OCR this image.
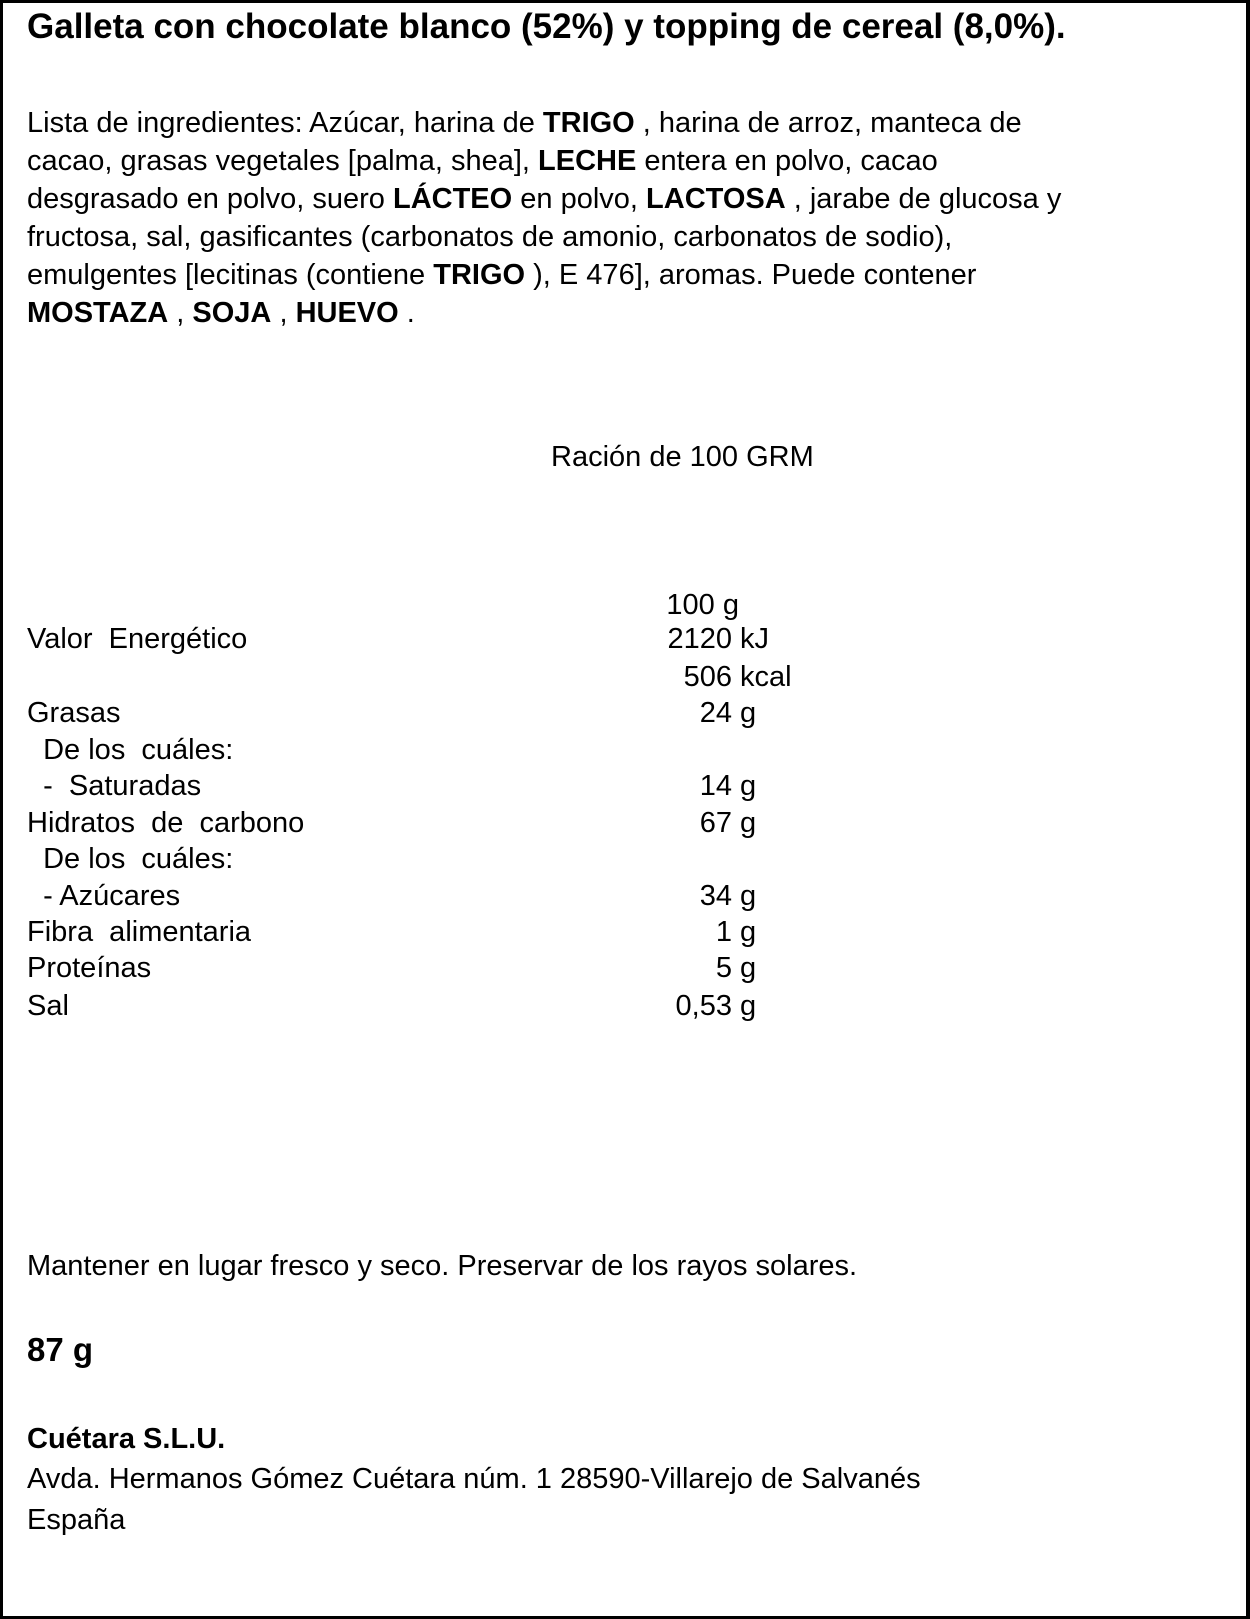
Galleta con chocolate blanco (52%) y topping de cereal (8,0%).
Lista de ingredientes: Azúcar, harina de TRIGO , harina de arroz, manteca de
cacao, grasas vegetales [palma, shea], LECHE entera en polvo, cacao
desgrasado en polvo, suero LÁCTEO en polvo, LACTOSA , jarabe de glucosa y
fructosa, sal, gasificantes (carbonatos de amonio, carbonatos de sodio),
emulgentes [lecitinas (contiene TRIGO ), E 476], aromas. Puede contener
MOSTAZA , SOJA , HUEVO .
Ración de 100 GRM
100 g
Valor  Energético	2120 kJ
506 kcal
Grasas	24 g
De los  cuáles:
-  Saturadas	14 g
Hidratos  de  carbono	67 g
De los  cuáles:
- Azúcares	34 g
Fibra  alimentaria	1 g
Proteínas	5 g
Sal	0,53 g
Mantener en lugar fresco y seco. Preservar de los rayos solares.
87 g
Cuétara S.L.U.
Avda. Hermanos Gómez Cuétara núm. 1 28590-Villarejo de Salvanés
España
